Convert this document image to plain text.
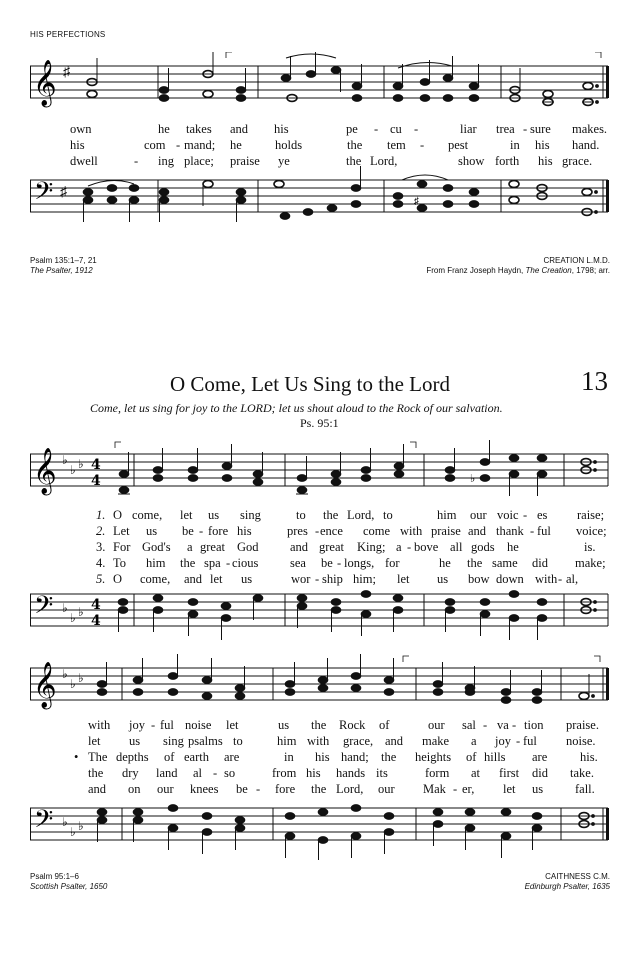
HIS PERFECTIONS
𝄞 ♯
own	he takes and his	pe - cu -	liar trea - sure makes.
his	com - mand; he	holds	the tem - pest	in his hand.
dwell	- ing place; praise ye	the Lord,	show forth his grace.
𝄢 ♯
♯
Psalm 135:1–7, 21
The Psalter, 1912
CREATION L.M.D.
From Franz Joseph Haydn, The Creation, 1798; arr.
O Come, Let Us Sing to the Lord	13
Come, let us sing for joy to the LORD; let us shout aloud to the Rock of our salvation.
Ps. 95:1
𝄞 ♭
♭ ♭ 4
4	♭
1. O come, let us sing	to the Lord, to	him our voic - es raise;
2. Let us be - fore his	pres - ence come with praise and thank - ful voice;
3. For God's a great God	and great King; a - bove all gods he	is.
4. To him the spa - cious	sea be - longs, for	he the same did make;
5. O come, and let us	wor - ship him; let us bow down with - al,
𝄢 ♭
♭ ♭ 4
4
𝄞 ♭
♭ ♭
with joy - ful noise let	us the Rock of	our sal - va - tion praise.
let us sing psalms to	him with grace, and make a joy - ful noise.
• The depths of earth are	in his hand; the heights of hills are	his.
the dry land al - so	from his hands its	form at first did take.
and on our knees be - fore the Lord, our Mak - er, let us	fall.
𝄢 ♭
♭ ♭
Psalm 95:1–6
Scottish Psalter, 1650
CAITHNESS C.M.
Edinburgh Psalter, 1635
